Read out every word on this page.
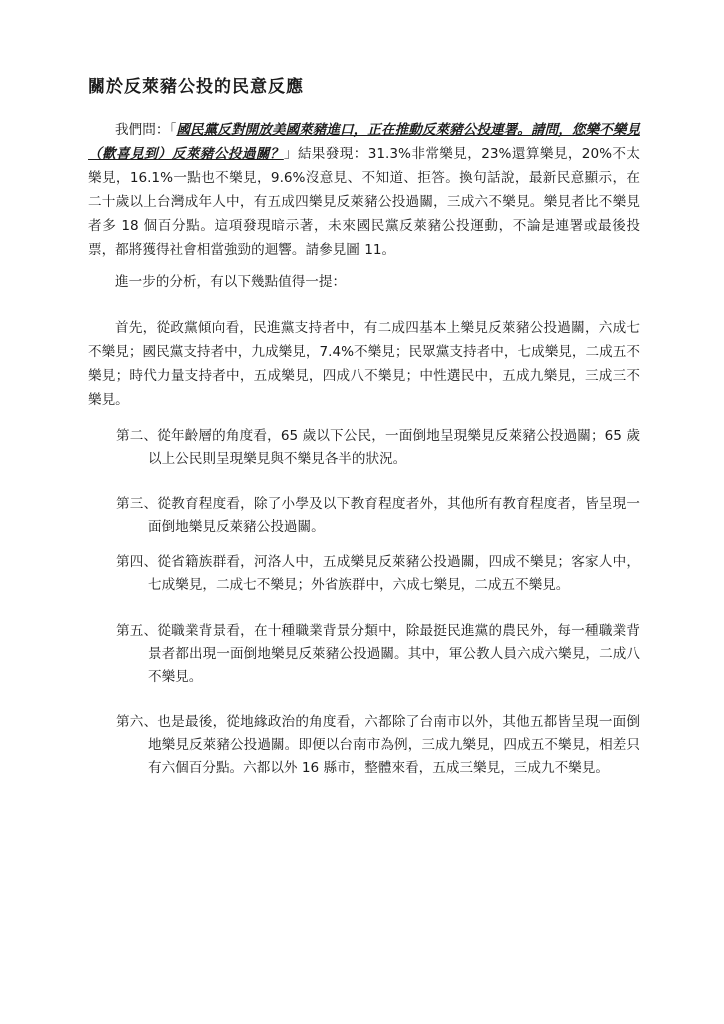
關於反萊豬公投的民意反應
我們問：「國民黨反對開放美國萊豬進口，正在推動反萊豬公投連署。請問，您樂不樂見（歡喜見到）反萊豬公投過關？」結果發現：31.3%非常樂見，23%還算樂見，20%不太樂見，16.1%一點也不樂見，9.6%沒意見、不知道、拒答。換句話說，最新民意顯示，在二十歲以上台灣成年人中，有五成四樂見反萊豬公投過關，三成六不樂見。樂見者比不樂見者多 18 個百分點。這項發現暗示著，未來國民黨反萊豬公投運動，不論是連署或最後投票，都將獲得社會相當強勁的迴響。請參見圖 11。
進一步的分析，有以下幾點值得一提：
首先，從政黨傾向看，民進黨支持者中，有二成四基本上樂見反萊豬公投過關，六成七不樂見；國民黨支持者中，九成樂見，7.4%不樂見；民眾黨支持者中，七成樂見，二成五不樂見；時代力量支持者中，五成樂見，四成八不樂見；中性選民中，五成九樂見，三成三不樂見。
第二、從年齡層的角度看，65 歲以下公民，一面倒地呈現樂見反萊豬公投過關；65 歲以上公民則呈現樂見與不樂見各半的狀況。
第三、從教育程度看，除了小學及以下教育程度者外，其他所有教育程度者，皆呈現一面倒地樂見反萊豬公投過關。
第四、從省籍族群看，河洛人中，五成樂見反萊豬公投過關，四成不樂見；客家人中，七成樂見，二成七不樂見；外省族群中，六成七樂見，二成五不樂見。
第五、從職業背景看，在十種職業背景分類中，除最挺民進黨的農民外，每一種職業背景者都出現一面倒地樂見反萊豬公投過關。其中，軍公教人員六成六樂見，二成八不樂見。
第六、也是最後，從地緣政治的角度看，六都除了台南市以外，其他五都皆呈現一面倒地樂見反萊豬公投過關。即便以台南市為例，三成九樂見，四成五不樂見，相差只有六個百分點。六都以外 16 縣市，整體來看，五成三樂見，三成九不樂見。
